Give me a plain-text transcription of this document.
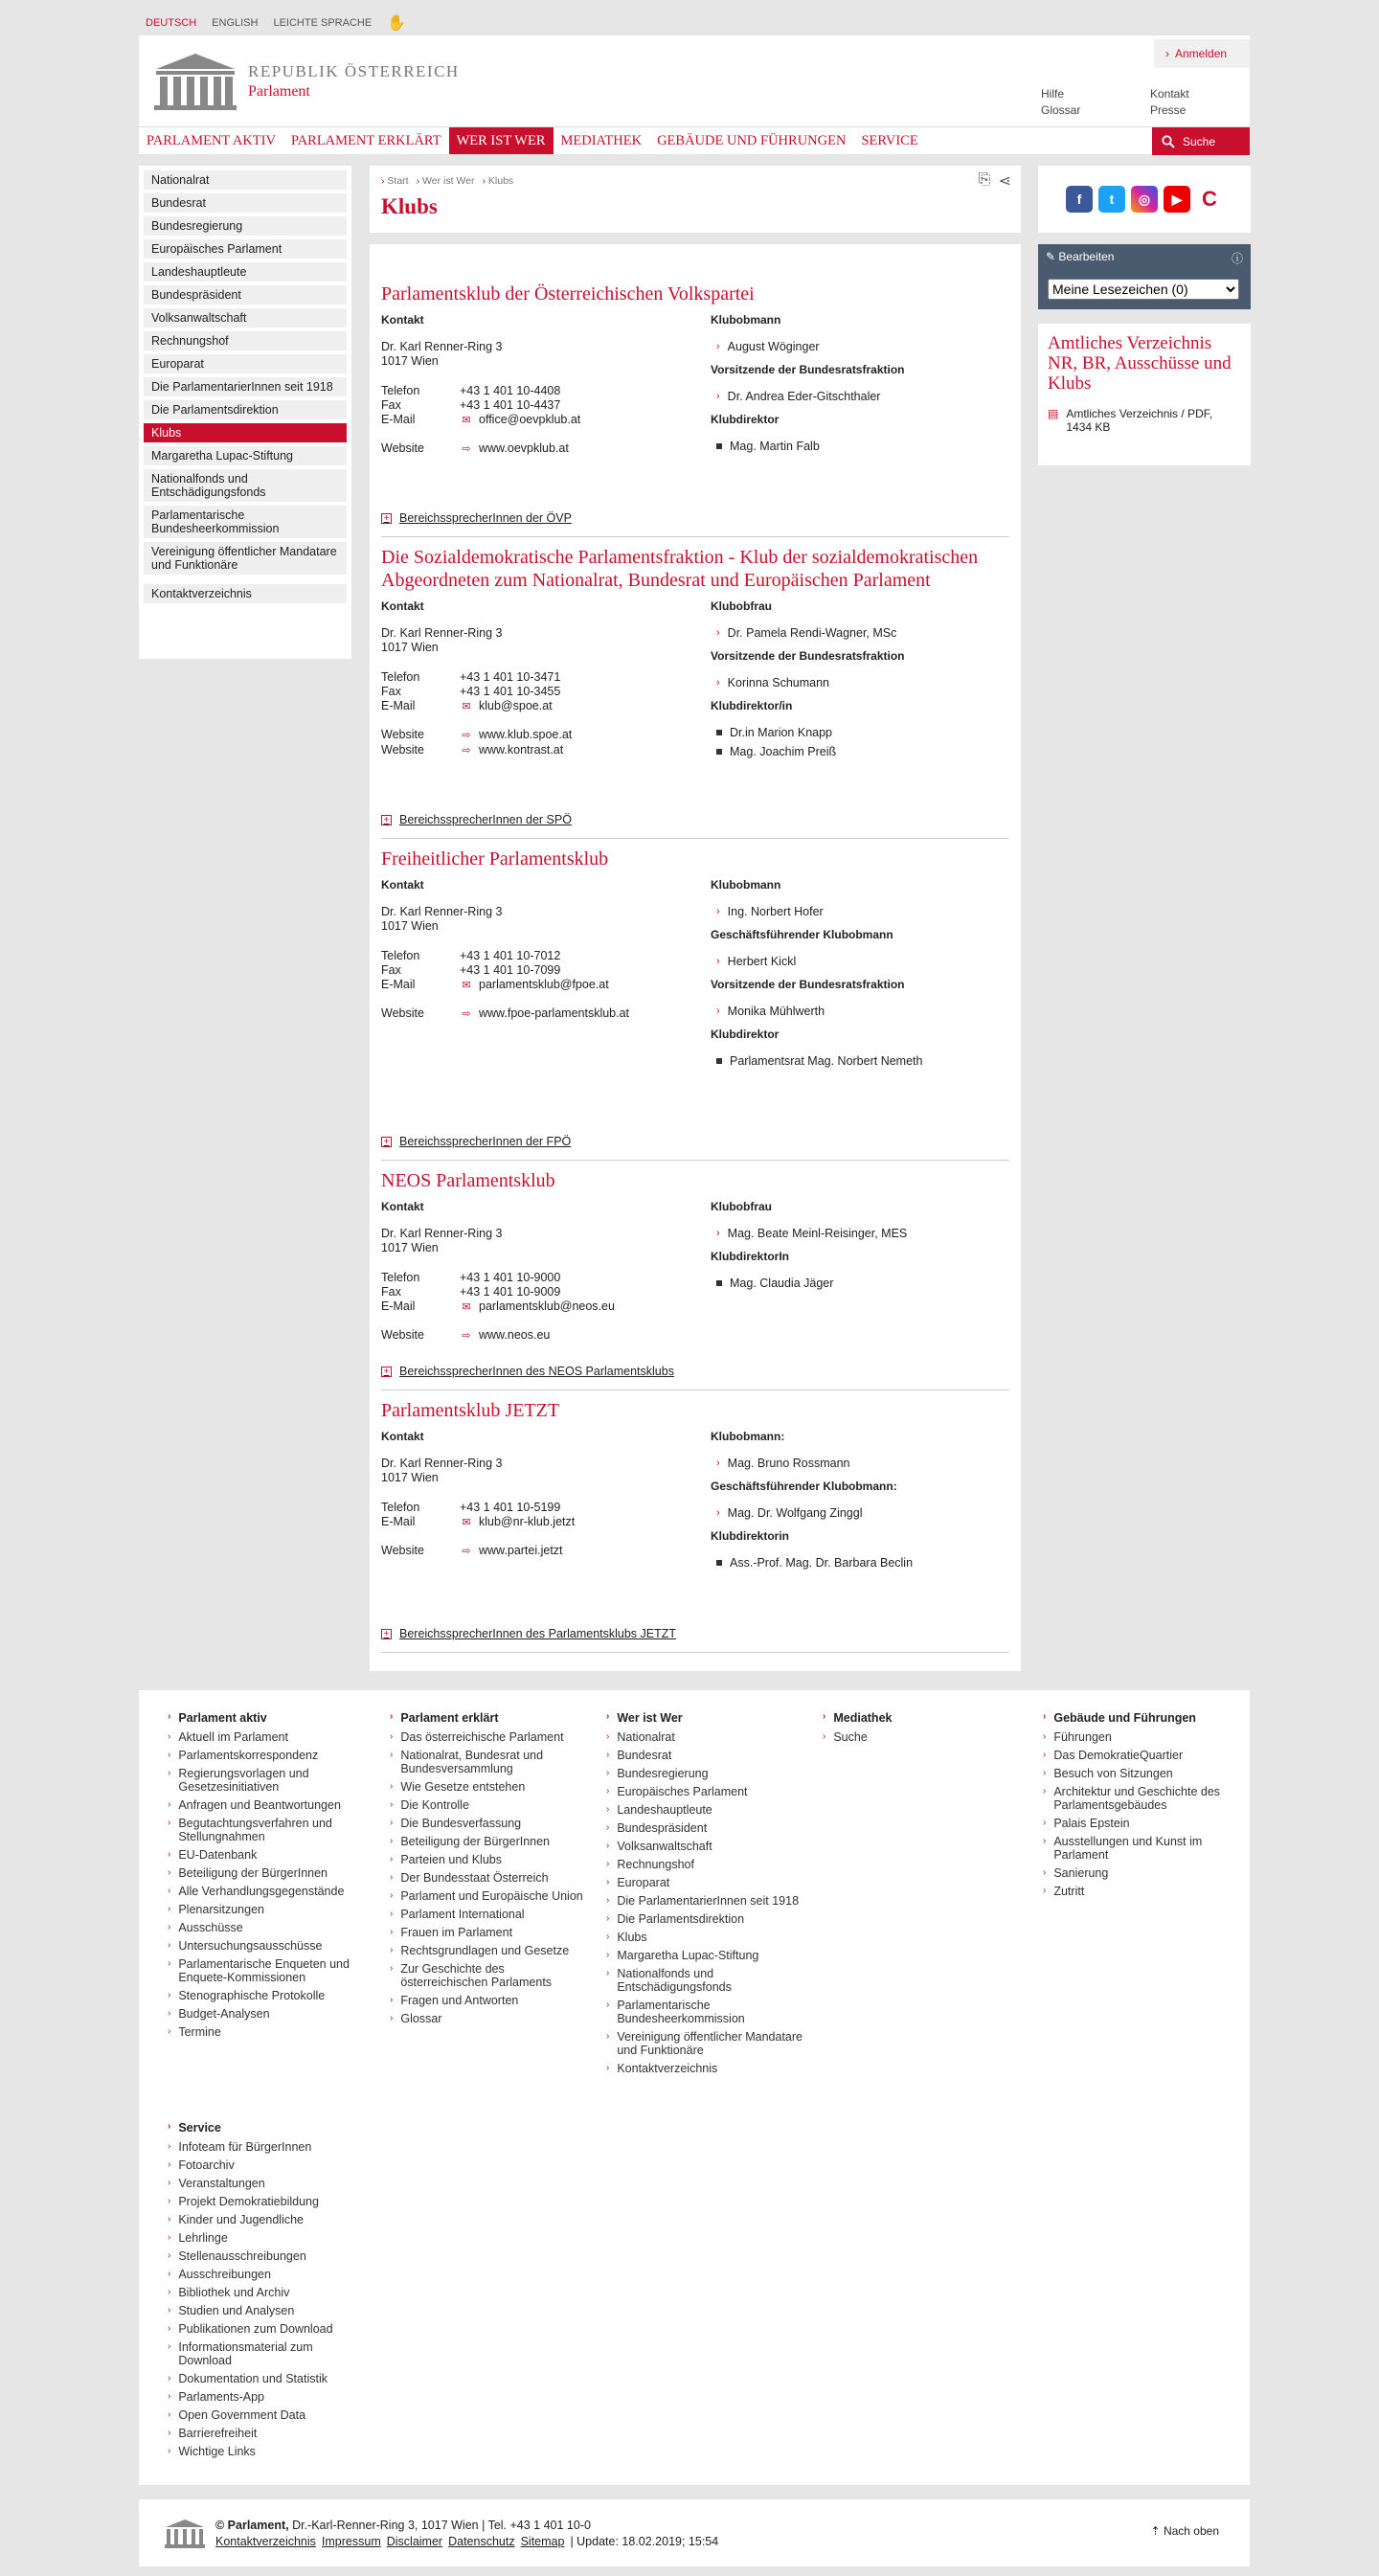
DEUTSCH ENGLISH LEICHTE SPRACHE ✋
REPUBLIK ÖSTERREICH
Parlament
› Anmelden
Hilfe	Kontakt
Glossar	Presse
PARLAMENT AKTIV	PARLAMENT ERKLÄRT	WER IST WER	MEDIATHEK	GEBÄUDE UND FÜHRUNGEN	SERVICE	Suche
Nationalrat
Bundesrat
Bundesregierung
Europäisches Parlament
Landeshauptleute
Bundespräsident
Volksanwaltschaft
Rechnungshof
Europarat
Die ParlamentarierInnen seit 1918
Die Parlamentsdirektion
Klubs
Margaretha Lupac-Stiftung
Nationalfonds und Entschädigungsfonds
Parlamentarische Bundesheerkommission
Vereinigung öffentlicher Mandatare und Funktionäre
Kontaktverzeichnis
› Start › Wer ist Wer › Klubs
Klubs
⎘ ⋖
Parlamentsklub der Österreichischen Volkspartei
Kontakt
Dr. Karl Renner-Ring 3
1017 Wien
Telefon	+43 1 401 10-4408
Fax	+43 1 401 10-4437
E-Mail	✉ office@oevpklub.at
Website	⇨ www.oevpklub.at
Klubobmann
› August Wöginger
Vorsitzende der Bundesratsfraktion
› Dr. Andrea Eder-Gitschthaler
Klubdirektor
Mag. Martin Falb
+ BereichssprecherInnen der ÖVP
Die Sozialdemokratische Parlamentsfraktion - Klub der sozialdemokratischen Abgeordneten zum Nationalrat, Bundesrat und Europäischen Parlament
Kontakt
Dr. Karl Renner-Ring 3
1017 Wien
Telefon	+43 1 401 10-3471
Fax	+43 1 401 10-3455
E-Mail	✉ klub@spoe.at
Website	⇨ www.klub.spoe.at
Website	⇨ www.kontrast.at
Klubobfrau
› Dr. Pamela Rendi-Wagner, MSc
Vorsitzende der Bundesratsfraktion
› Korinna Schumann
Klubdirektor/in
Dr.in Marion Knapp
Mag. Joachim Preiß
+ BereichssprecherInnen der SPÖ
Freiheitlicher Parlamentsklub
Kontakt
Dr. Karl Renner-Ring 3
1017 Wien
Telefon	+43 1 401 10-7012
Fax	+43 1 401 10-7099
E-Mail	✉ parlamentsklub@fpoe.at
Website	⇨ www.fpoe-parlamentsklub.at
Klubobmann
› Ing. Norbert Hofer
Geschäftsführender Klubobmann
› Herbert Kickl
Vorsitzende der Bundesratsfraktion
› Monika Mühlwerth
Klubdirektor
Parlamentsrat Mag. Norbert Nemeth
+ BereichssprecherInnen der FPÖ
NEOS Parlamentsklub
Kontakt
Dr. Karl Renner-Ring 3
1017 Wien
Telefon	+43 1 401 10-9000
Fax	+43 1 401 10-9009
E-Mail	✉ parlamentsklub@neos.eu
Website	⇨ www.neos.eu
Klubobfrau
› Mag. Beate Meinl-Reisinger, MES
KlubdirektorIn
Mag. Claudia Jäger
+ BereichssprecherInnen des NEOS Parlamentsklubs
Parlamentsklub JETZT
Kontakt
Dr. Karl Renner-Ring 3
1017 Wien
Telefon	+43 1 401 10-5199
E-Mail	✉ klub@nr-klub.jetzt
Website	⇨ www.partei.jetzt
Klubobmann:
› Mag. Bruno Rossmann
Geschäftsführender Klubobmann:
› Mag. Dr. Wolfgang Zinggl
Klubdirektorin
Ass.-Prof. Mag. Dr. Barbara Beclin
+ BereichssprecherInnen des Parlamentsklubs JETZT
f	t	◎	▶ C
✎ Bearbeiten	ⓘ
Meine Lesezeichen (0)
Amtliches Verzeichnis NR, BR, Ausschüsse und Klubs
▤ Amtliches Verzeichnis / PDF, 1434 KB
› Parlament aktiv
› Aktuell im Parlament
› Parlamentskorrespondenz
› Regierungsvorlagen und Gesetzesinitiativen
› Anfragen und Beantwortungen
› Begutachtungsverfahren und Stellungnahmen
› EU-Datenbank
› Beteiligung der BürgerInnen
› Alle Verhandlungsgegenstände
› Plenarsitzungen
› Ausschüsse
› Untersuchungsausschüsse
› Parlamentarische Enqueten und Enquete-Kommissionen
› Stenographische Protokolle
› Budget-Analysen
› Termine
› Parlament erklärt
› Das österreichische Parlament
› Nationalrat, Bundesrat und Bundesversammlung
› Wie Gesetze entstehen
› Die Kontrolle
› Die Bundesverfassung
› Beteiligung der BürgerInnen
› Parteien und Klubs
› Der Bundesstaat Österreich
› Parlament und Europäische Union
› Parlament International
› Frauen im Parlament
› Rechtsgrundlagen und Gesetze
› Zur Geschichte des österreichischen Parlaments
› Fragen und Antworten
› Glossar
› Wer ist Wer
› Nationalrat
› Bundesrat
› Bundesregierung
› Europäisches Parlament
› Landeshauptleute
› Bundespräsident
› Volksanwaltschaft
› Rechnungshof
› Europarat
› Die ParlamentarierInnen seit 1918
› Die Parlamentsdirektion
› Klubs
› Margaretha Lupac-Stiftung
› Nationalfonds und Entschädigungsfonds
› Parlamentarische Bundesheerkommission
› Vereinigung öffentlicher Mandatare und Funktionäre
› Kontaktverzeichnis
› Mediathek
› Suche
› Gebäude und Führungen
› Führungen
› Das DemokratieQuartier
› Besuch von Sitzungen
› Architektur und Geschichte des Parlamentsgebäudes
› Palais Epstein
› Ausstellungen und Kunst im Parlament
› Sanierung
› Zutritt
› Service
› Infoteam für BürgerInnen
› Fotoarchiv
› Veranstaltungen
› Projekt Demokratiebildung
› Kinder und Jugendliche
› Lehrlinge
› Stellenausschreibungen
› Ausschreibungen
› Bibliothek und Archiv
› Studien und Analysen
› Publikationen zum Download
› Informationsmaterial zum Download
› Dokumentation und Statistik
› Parlaments-App
› Open Government Data
› Barrierefreiheit
› Wichtige Links
© Parlament, Dr.-Karl-Renner-Ring 3, 1017 Wien | Tel. +43 1 401 10-0
Kontaktverzeichnis Impressum Disclaimer Datenschutz Sitemap | Update: 18.02.2019; 15:54
⇡ Nach oben
